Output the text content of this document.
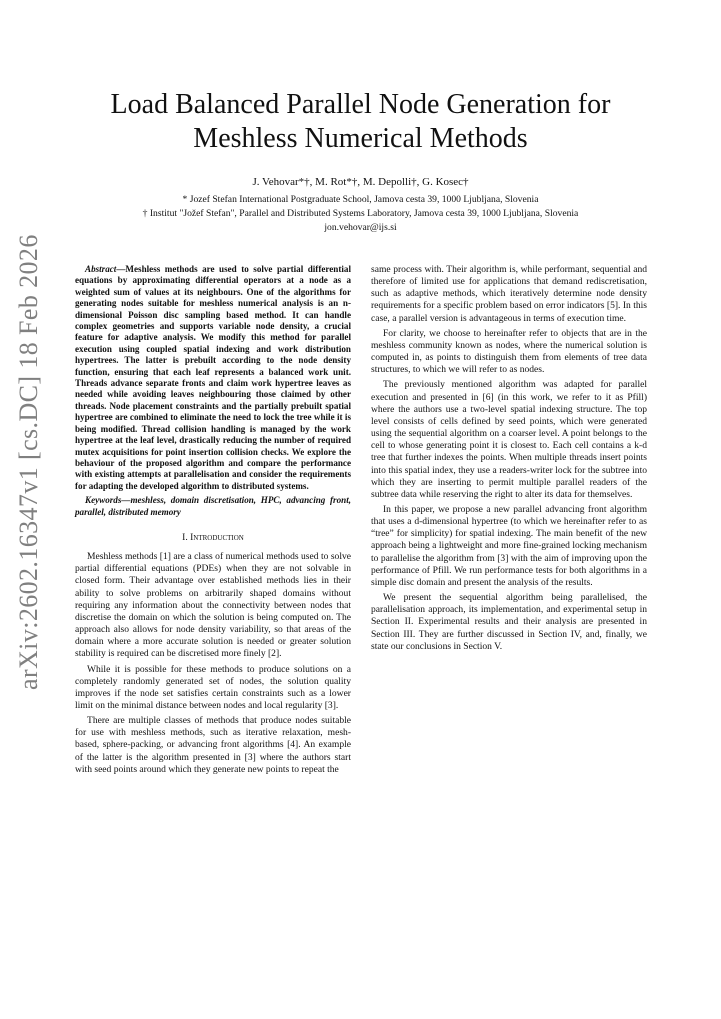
arXiv:2602.16347v1 [cs.DC] 18 Feb 2026
Load Balanced Parallel Node Generation for
Meshless Numerical Methods
J. Vehovar*†, M. Rot*†, M. Depolli†, G. Kosec†
* Jozef Stefan International Postgraduate School, Jamova cesta 39, 1000 Ljubljana, Slovenia
† Institut "Jožef Stefan", Parallel and Distributed Systems Laboratory, Jamova cesta 39, 1000 Ljubljana, Slovenia
jon.vehovar@ijs.si

Abstract—Meshless methods are used to solve partial differential equations by approximating differential operators at a node as a weighted sum of values at its neighbours. One of the algorithms for generating nodes suitable for meshless numerical analysis is an n-dimensional Poisson disc sampling based method. It can handle complex geometries and supports variable node density, a crucial feature for adaptive analysis. We modify this method for parallel execution using coupled spatial indexing and work distribution hypertrees. The latter is prebuilt according to the node density function, ensuring that each leaf represents a balanced work unit. Threads advance separate fronts and claim work hypertree leaves as needed while avoiding leaves neighbouring those claimed by other threads. Node placement constraints and the partially prebuilt spatial hypertree are combined to eliminate the need to lock the tree while it is being modified. Thread collision handling is managed by the work hypertree at the leaf level, drastically reducing the number of required mutex acquisitions for point insertion collision checks. We explore the behaviour of the proposed algorithm and compare the performance with existing attempts at parallelisation and consider the requirements for adapting the developed algorithm to distributed systems.

Keywords—meshless, domain discretisation, HPC, advancing front, parallel, distributed memory

I. Introduction

Meshless methods [1] are a class of numerical methods used to solve partial differential equations (PDEs) when they are not solvable in closed form. Their advantage over established methods lies in their ability to solve problems on arbitrarily shaped domains without requiring any information about the connectivity between nodes that discretise the domain on which the solution is being computed on. The approach also allows for node density variability, so that areas of the domain where a more accurate solution is needed or greater solution stability is required can be discretised more finely [2].

While it is possible for these methods to produce solutions on a completely randomly generated set of nodes, the solution quality improves if the node set satisfies certain constraints such as a lower limit on the minimal distance between nodes and local regularity [3].

There are multiple classes of methods that produce nodes suitable for use with meshless methods, such as iterative relaxation, mesh-based, sphere-packing, or advancing front algorithms [4]. An example of the latter is the algorithm presented in [3] where the authors start with seed points around which they generate new points to repeat the

same process with. Their algorithm is, while performant, sequential and therefore of limited use for applications that demand rediscretisation, such as adaptive methods, which iteratively determine node density requirements for a specific problem based on error indicators [5]. In this case, a parallel version is advantageous in terms of execution time.

For clarity, we choose to hereinafter refer to objects that are in the meshless community known as nodes, where the numerical solution is computed in, as points to distinguish them from elements of tree data structures, to which we will refer to as nodes.

The previously mentioned algorithm was adapted for parallel execution and presented in [6] (in this work, we refer to it as Pfill) where the authors use a two-level spatial indexing structure. The top level consists of cells defined by seed points, which were generated using the sequential algorithm on a coarser level. A point belongs to the cell to whose generating point it is closest to. Each cell contains a k-d tree that further indexes the points. When multiple threads insert points into this spatial index, they use a readers-writer lock for the subtree into which they are inserting to permit multiple parallel readers of the subtree data while reserving the right to alter its data for themselves.

In this paper, we propose a new parallel advancing front algorithm that uses a d-dimensional hypertree (to which we hereinafter refer to as “tree” for simplicity) for spatial indexing. The main benefit of the new approach being a lightweight and more fine-grained locking mechanism to parallelise the algorithm from [3] with the aim of improving upon the performance of Pfill. We run performance tests for both algorithms in a simple disc domain and present the analysis of the results.

We present the sequential algorithm being parallelised, the parallelisation approach, its implementation, and experimental setup in Section II. Experimental results and their analysis are presented in Section III. They are further discussed in Section IV, and, finally, we state our conclusions in Section V.
